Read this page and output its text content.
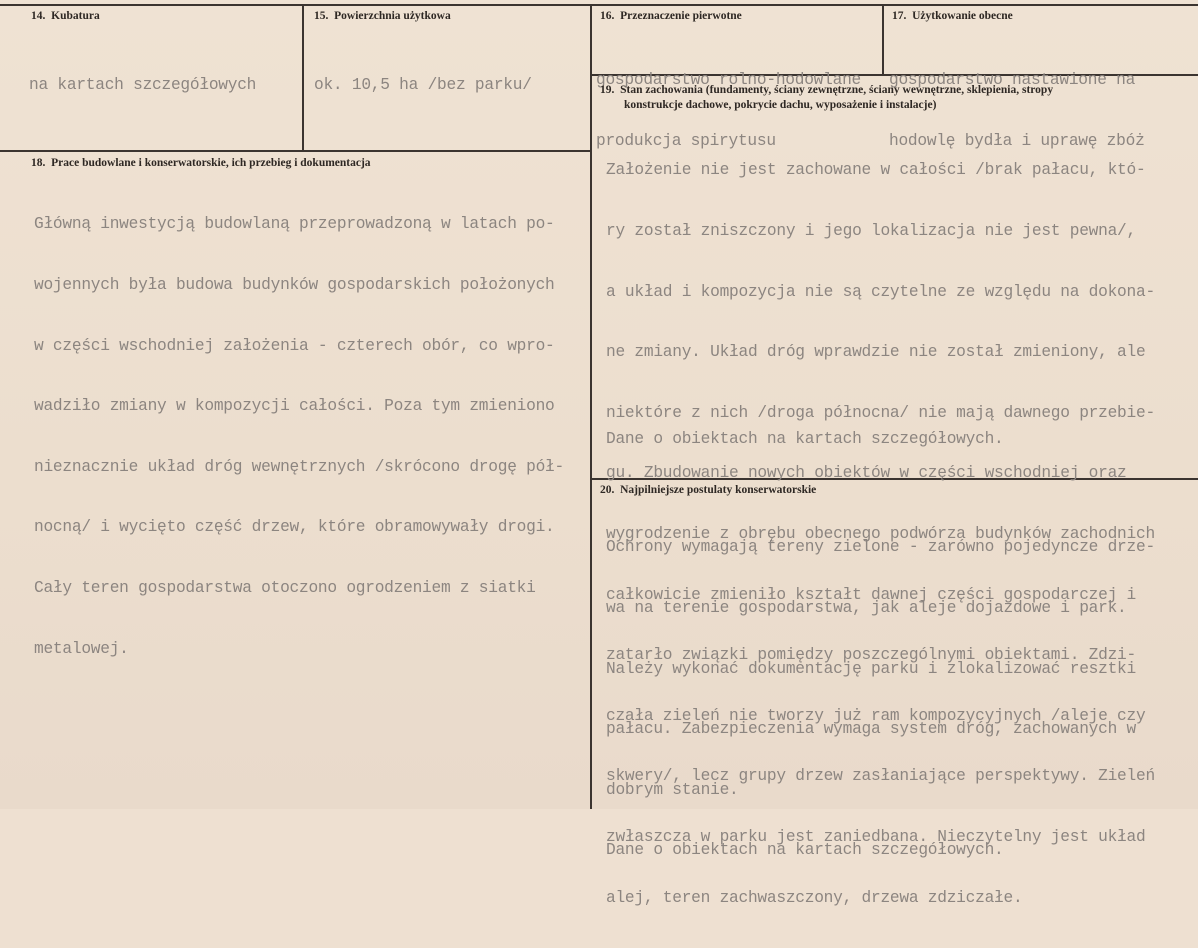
14.  Kubatura

na kartach szczegółowych

15.  Powierzchnia użytkowa

ok. 10,5 ha /bez parku/

16.  Przeznaczenie pierwotne

gospodarstwo rolno-hodowlane

produkcja spirytusu

17.  Użytkowanie obecne

gospodarstwo nastawione na

hodowlę bydła i uprawę zbóż

18.  Prace budowlane i konserwatorskie, ich przebieg i dokumentacja

Główną inwestycją budowlaną przeprowadzoną w latach po-

wojennych była budowa budynków gospodarskich położonych

w części wschodniej założenia - czterech obór, co wpro-

wadziło zmiany w kompozycji całości. Poza tym zmieniono

nieznacznie układ dróg wewnętrznych /skrócono drogę pół-

nocną/ i wycięto część drzew, które obramowywały drogi.

Cały teren gospodarstwa otoczono ogrodzeniem z siatki

metalowej.

19.  Stan zachowania (fundamenty, ściany zewnętrzne, ściany wewnętrzne, sklepienia, stropy
konstrukcje dachowe, pokrycie dachu, wyposażenie i instalacje)

Założenie nie jest zachowane w całości /brak pałacu, któ-

ry został zniszczony i jego lokalizacja nie jest pewna/,

a układ i kompozycja nie są czytelne ze względu na dokona-

ne zmiany. Układ dróg wprawdzie nie został zmieniony, ale

niektóre z nich /droga północna/ nie mają dawnego przebie-

gu. Zbudowanie nowych obiektów w części wschodniej oraz

wygrodzenie z obrębu obecnego podwórza budynków zachodnich

całkowicie zmieniło kształt dawnej części gospodarczej i

zatarło związki pomiędzy poszczególnymi obiektami. Zdzi-

czała zieleń nie tworzy już ram kompozycyjnych /aleje czy

skwery/, lecz grupy drzew zasłaniające perspektywy. Zieleń

zwłaszcza w parku jest zaniedbana. Nieczytelny jest układ

alej, teren zachwaszczony, drzewa zdziczałe.

Dane o obiektach na kartach szczegółowych.

20.  Najpilniejsze postulaty konserwatorskie

Ochrony wymagają tereny zielone - zarówno pojedyncze drze-

wa na terenie gospodarstwa, jak aleje dojazdowe i park.

Należy wykonać dokumentację parku i zlokalizować resztki

pałacu. Zabezpieczenia wymaga system dróg, zachowanych w

dobrym stanie.

Dane o obiektach na kartach szczegółowych.
